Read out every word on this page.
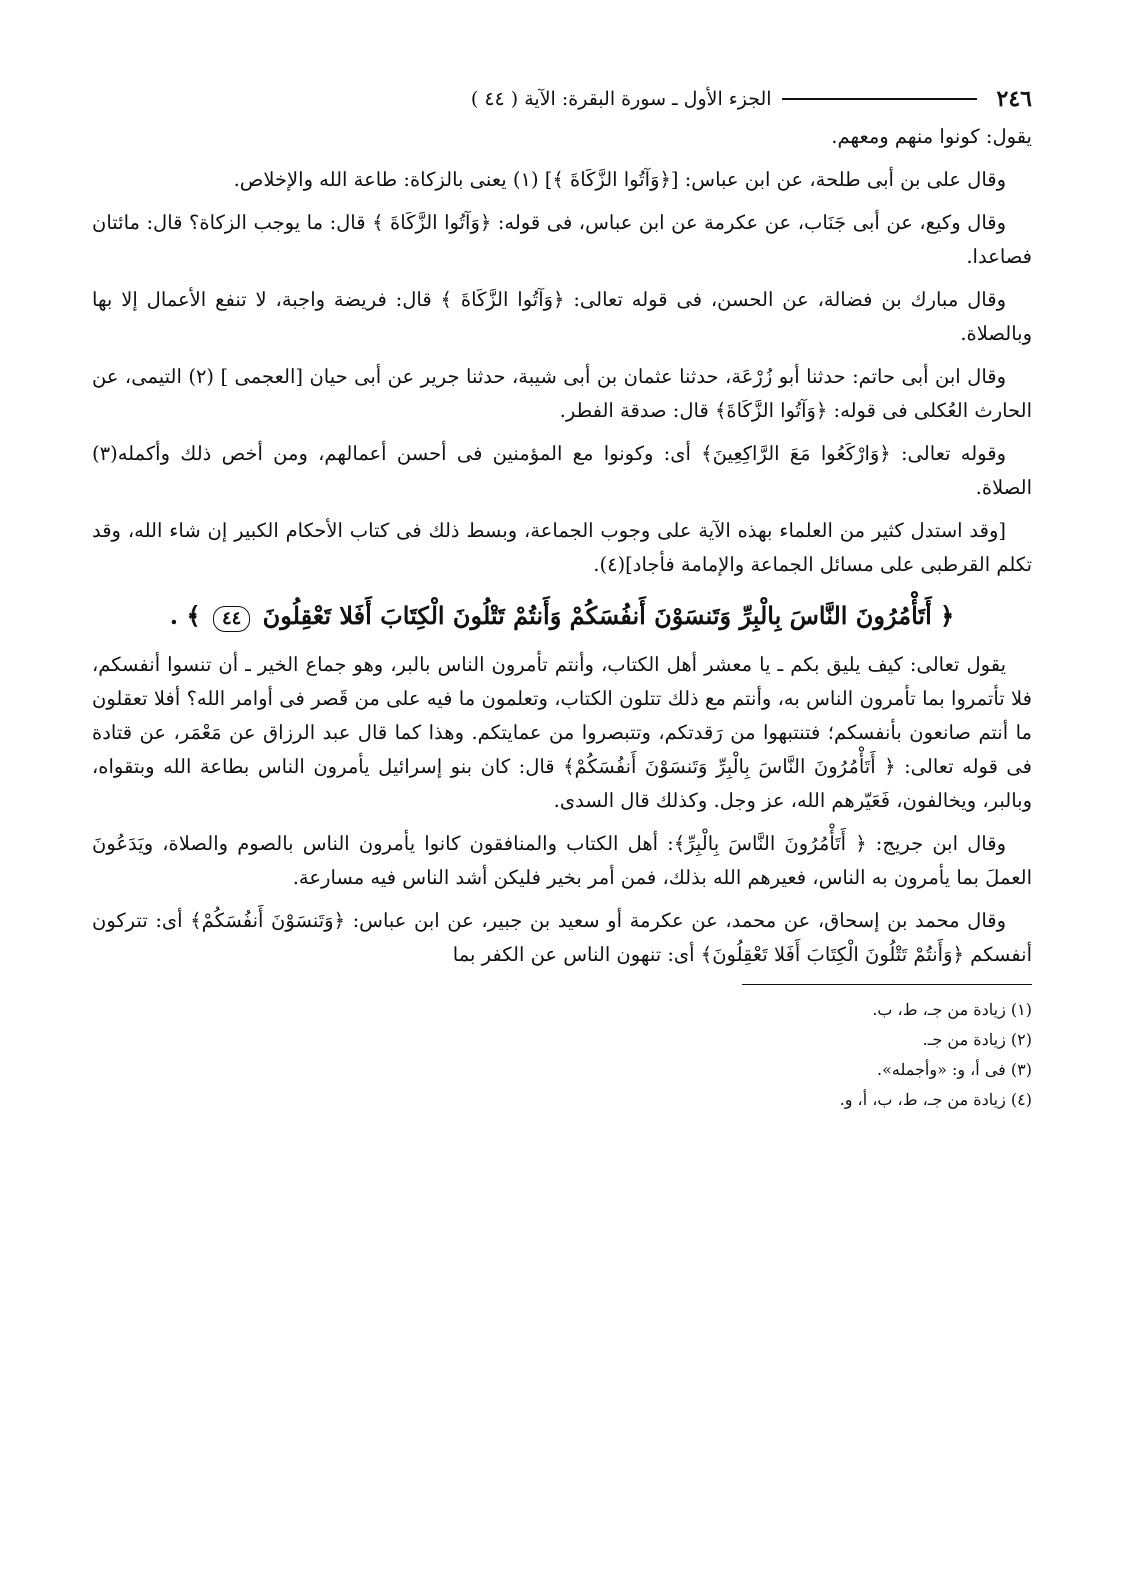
٢٤٦
الجزء الأول ـ سورة البقرة: الآية ( ٤٤ )

يقول: كونوا منهم ومعهم.

وقال على بن أبى طلحة، عن ابن عباس: [﴿وَآتُوا الزَّكَاةَ ﴾] (١) يعنى بالزكاة: طاعة الله والإخلاص.

وقال وكيع، عن أبى جَنَاب، عن عكرمة عن ابن عباس، فى قوله: ﴿وَآتُوا الزَّكَاةَ ﴾ قال: ما يوجب الزكاة؟ قال: مائتان فصاعدا.

وقال مبارك بن فضالة، عن الحسن، فى قوله تعالى: ﴿وَآتُوا الزَّكَاةَ ﴾ قال: فريضة واجبة، لا تنفع الأعمال إلا بها وبالصلاة.

وقال ابن أبى حاتم: حدثنا أبو زُرْعَة، حدثنا عثمان بن أبى شيبة، حدثنا جرير عن أبى حيان [العجمى ] (٢) التيمى، عن الحارث العُكلى فى قوله: ﴿وَآتُوا الزَّكَاةَ﴾ قال: صدقة الفطر.

وقوله تعالى: ﴿وَارْكَعُوا مَعَ الرَّاكِعِينَ﴾ أى: وكونوا مع المؤمنين فى أحسن أعمالهم، ومن أخص ذلك وأكمله(٣) الصلاة.

[وقد استدل كثير من العلماء بهذه الآية على وجوب الجماعة، وبسط ذلك فى كتاب الأحكام الكبير إن شاء الله، وقد تكلم القرطبى على مسائل الجماعة والإمامة فأجاد](٤).

﴿ أَتَأْمُرُونَ النَّاسَ بِالْبِرِّ وَتَنسَوْنَ أَنفُسَكُمْ وَأَنتُمْ تَتْلُونَ الْكِتَابَ أَفَلا تَعْقِلُونَ ٤٤ ﴾ .

يقول تعالى: كيف يليق بكم ـ يا معشر أهل الكتاب، وأنتم تأمرون الناس بالبر، وهو جماع الخير ـ أن تنسوا أنفسكم، فلا تأتمروا بما تأمرون الناس به، وأنتم مع ذلك تتلون الكتاب، وتعلمون ما فيه على من قَصر فى أوامر الله؟ أفلا تعقلون ما أنتم صانعون بأنفسكم؛ فتنتبهوا من رَقدتكم، وتتبصروا من عمايتكم. وهذا كما قال عبد الرزاق عن مَعْمَر، عن قتادة فى قوله تعالى: ﴿ أَتَأْمُرُونَ النَّاسَ بِالْبِرِّ وَتَنسَوْنَ أَنفُسَكُمْ﴾ قال: كان بنو إسرائيل يأمرون الناس بطاعة الله وبتقواه، وبالبر، ويخالفون، فَعَيّرهم الله، عز وجل. وكذلك قال السدى.

وقال ابن جريج: ﴿ أَتَأْمُرُونَ النَّاسَ بِالْبِرِّ﴾: أهل الكتاب والمنافقون كانوا يأمرون الناس بالصوم والصلاة، ويَدَعُونَ العملَ بما يأمرون به الناس، فعيرهم الله بذلك، فمن أمر بخير فليكن أشد الناس فيه مسارعة.

وقال محمد بن إسحاق، عن محمد، عن عكرمة أو سعيد بن جبير، عن ابن عباس: ﴿وَتَنسَوْنَ أَنفُسَكُمْ﴾ أى: تتركون أنفسكم ﴿وَأَنتُمْ تَتْلُونَ الْكِتَابَ أَفَلا تَعْقِلُونَ﴾ أى: تنهون الناس عن الكفر بما

(١) زيادة من جـ، ط، ب.

(٢) زيادة من جـ.

(٣) فى أ، و: «وأجمله».

(٤) زيادة من جـ، ط، ب، أ، و.
